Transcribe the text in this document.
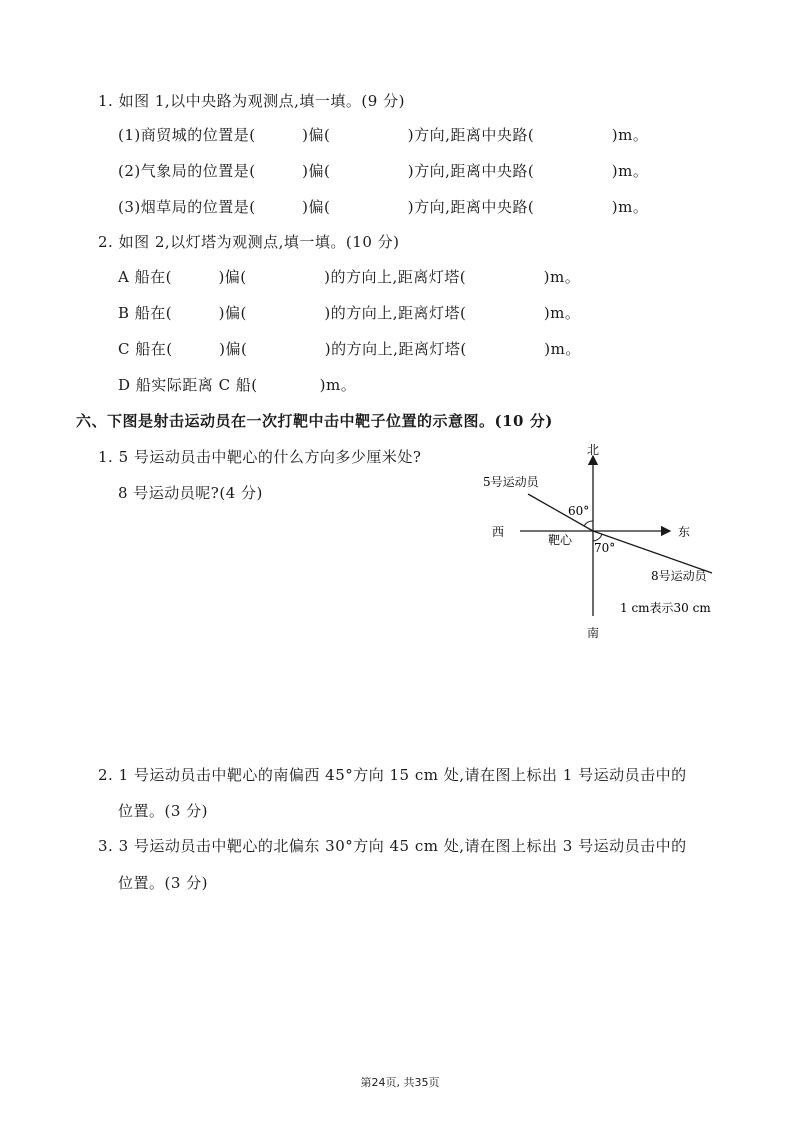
1. 如图 1,以中央路为观测点,填一填。(9 分)
(1)商贸城的位置是(　　　)偏(　　　　　)方向,距离中央路(　　　　　)m。
(2)气象局的位置是(　　　)偏(　　　　　)方向,距离中央路(　　　　　)m。
(3)烟草局的位置是(　　　)偏(　　　　　)方向,距离中央路(　　　　　)m。
2. 如图 2,以灯塔为观测点,填一填。(10 分)
A 船在(　　　)偏(　　　　　)的方向上,距离灯塔(　　　　　)m。
B 船在(　　　)偏(　　　　　)的方向上,距离灯塔(　　　　　)m。
C 船在(　　　)偏(　　　　　)的方向上,距离灯塔(　　　　　)m。
D 船实际距离 C 船(　　　　)m。
六、下图是射击运动员在一次打靶中击中靶子位置的示意图。(10 分)
1. 5 号运动员击中靶心的什么方向多少厘米处?
8 号运动员呢?(4 分)
北
南
东
西
靶心
5号运动员
8号运动员
60°
70°
1 cm表示30 cm
2. 1 号运动员击中靶心的南偏西 45°方向 15 cm 处,请在图上标出 1 号运动员击中的
位置。(3 分)
3. 3 号运动员击中靶心的北偏东 30°方向 45 cm 处,请在图上标出 3 号运动员击中的
位置。(3 分)
第24页, 共35页
